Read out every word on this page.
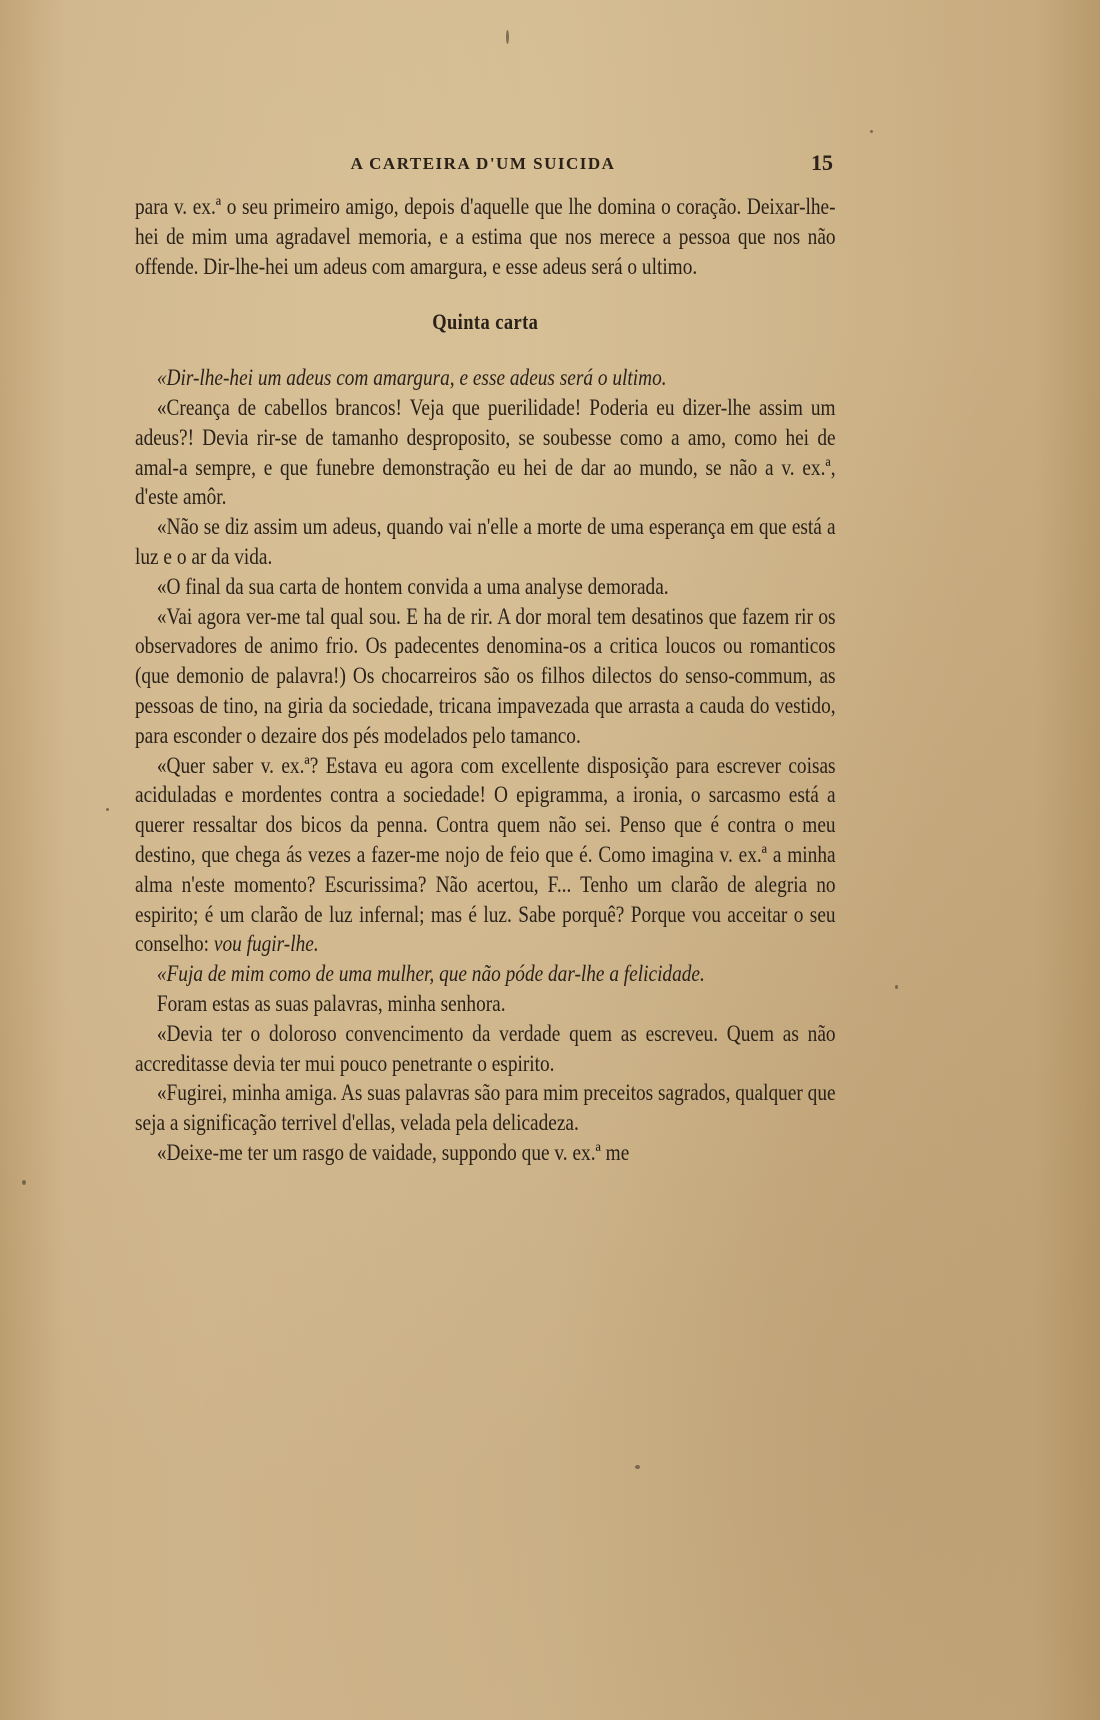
A CARTEIRA D'UM SUICIDA	15

para v. ex.ª o seu primeiro amigo, depois d'aquelle que lhe domina o coração. Deixar-lhe-hei de mim uma agradavel memoria, e a estima que nos merece a pessoa que nos não offende. Dir-lhe-hei um adeus com amargura, e esse adeus será o ultimo.

Quinta carta

«Dir-lhe-hei um adeus com amargura, e esse adeus será o ultimo.

«Creança de cabellos brancos! Veja que puerilidade! Poderia eu dizer-lhe assim um adeus?! Devia rir-se de tamanho desproposito, se soubesse como a amo, como hei de amal-a sempre, e que funebre demonstração eu hei de dar ao mundo, se não a v. ex.ª, d'este amôr.

«Não se diz assim um adeus, quando vai n'elle a morte de uma esperança em que está a luz e o ar da vida.

«O final da sua carta de hontem convida a uma analyse demorada.

«Vai agora ver-me tal qual sou. E ha de rir. A dor moral tem desatinos que fazem rir os observadores de animo frio. Os padecentes denomina-os a critica loucos ou romanticos (que demonio de palavra!) Os chocarreiros são os filhos dilectos do senso-commum, as pessoas de tino, na giria da sociedade, tricana impavezada que arrasta a cauda do vestido, para esconder o dezaire dos pés modelados pelo tamanco.

«Quer saber v. ex.ª? Estava eu agora com excellente disposição para escrever coisas aciduladas e mordentes contra a sociedade! O epigramma, a ironia, o sarcasmo está a querer ressaltar dos bicos da penna. Contra quem não sei. Penso que é contra o meu destino, que chega ás vezes a fazer-me nojo de feio que é. Como imagina v. ex.ª a minha alma n'este momento? Escurissima? Não acertou, F... Tenho um clarão de alegria no espirito; é um clarão de luz infernal; mas é luz. Sabe porquê? Porque vou acceitar o seu conselho: vou fugir-lhe.

«Fuja de mim como de uma mulher, que não póde dar-lhe a felicidade.

Foram estas as suas palavras, minha senhora.

«Devia ter o doloroso convencimento da verdade quem as escreveu. Quem as não accreditasse devia ter mui pouco penetrante o espirito.

«Fugirei, minha amiga. As suas palavras são para mim preceitos sagrados, qualquer que seja a significação terrivel d'ellas, velada pela delicadeza.

«Deixe-me ter um rasgo de vaidade, suppondo que v. ex.ª me
